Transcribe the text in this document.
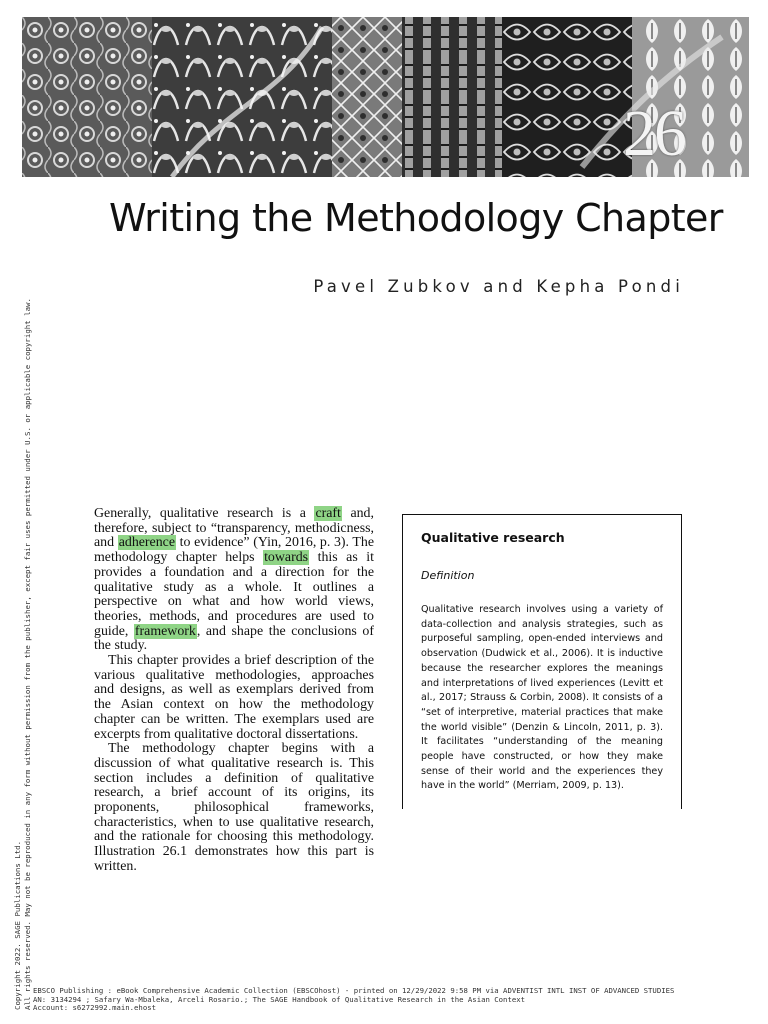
26
Writing the Methodology Chapter
Pavel Zubkov and Kepha Pondi
Copyright 2022. SAGE Publications Ltd. All rights reserved. May not be reproduced in any form without permission from the publisher, except fair uses permitted under U.S. or applicable copyright law.	Generally, qualitative research is a craft and, therefore, subject to “transparency, methodicness, and adherence to evidence” (Yin, 2016, p. 3). The methodology chapter helps towards this as it provides a foundation and a direction for the qualitative study as a whole. It outlines a perspective on what and how world views, theories, methods, and procedures are used to guide, framework, and shape the conclusions of the study.

This chapter provides a brief description of the various qualitative methodologies, approaches and designs, as well as exemplars derived from the Asian context on how the methodology chapter can be written. The exemplars used are excerpts from qualitative doctoral dissertations.

The methodology chapter begins with a discussion of what qualitative research is. This section includes a definition of qualitative research, a brief account of its origins, its proponents, philosophical frameworks, characteristics, when to use qualitative research, and the rationale for choosing this methodology. Illustration 26.1 demonstrates how this part is written.

Qualitative research
Definition
Qualitative research involves using a variety of data-collection and analysis strategies, such as purposeful sampling, open-ended interviews and observation (Dudwick et al., 2006). It is inductive because the researcher explores the meanings and interpretations of lived experiences (Levitt et al., 2017; Strauss & Corbin, 2008). It consists of a “set of interpretive, material practices that make the world visible” (Denzin & Lincoln, 2011, p. 3). It facilitates “understanding of the meaning people have constructed, or how they make sense of their world and the experiences they have in the world” (Merriam, 2009, p. 13).
EBSCO Publishing : eBook Comprehensive Academic Collection (EBSCOhost) - printed on 12/29/2022 9:58 PM via ADVENTIST INTL INST OF ADVANCED STUDIES
AN: 3134294 ; Safary Wa-Mbaleka, Arceli Rosario.; The SAGE Handbook of Qualitative Research in the Asian Context
Account: s6272992.main.ehost
